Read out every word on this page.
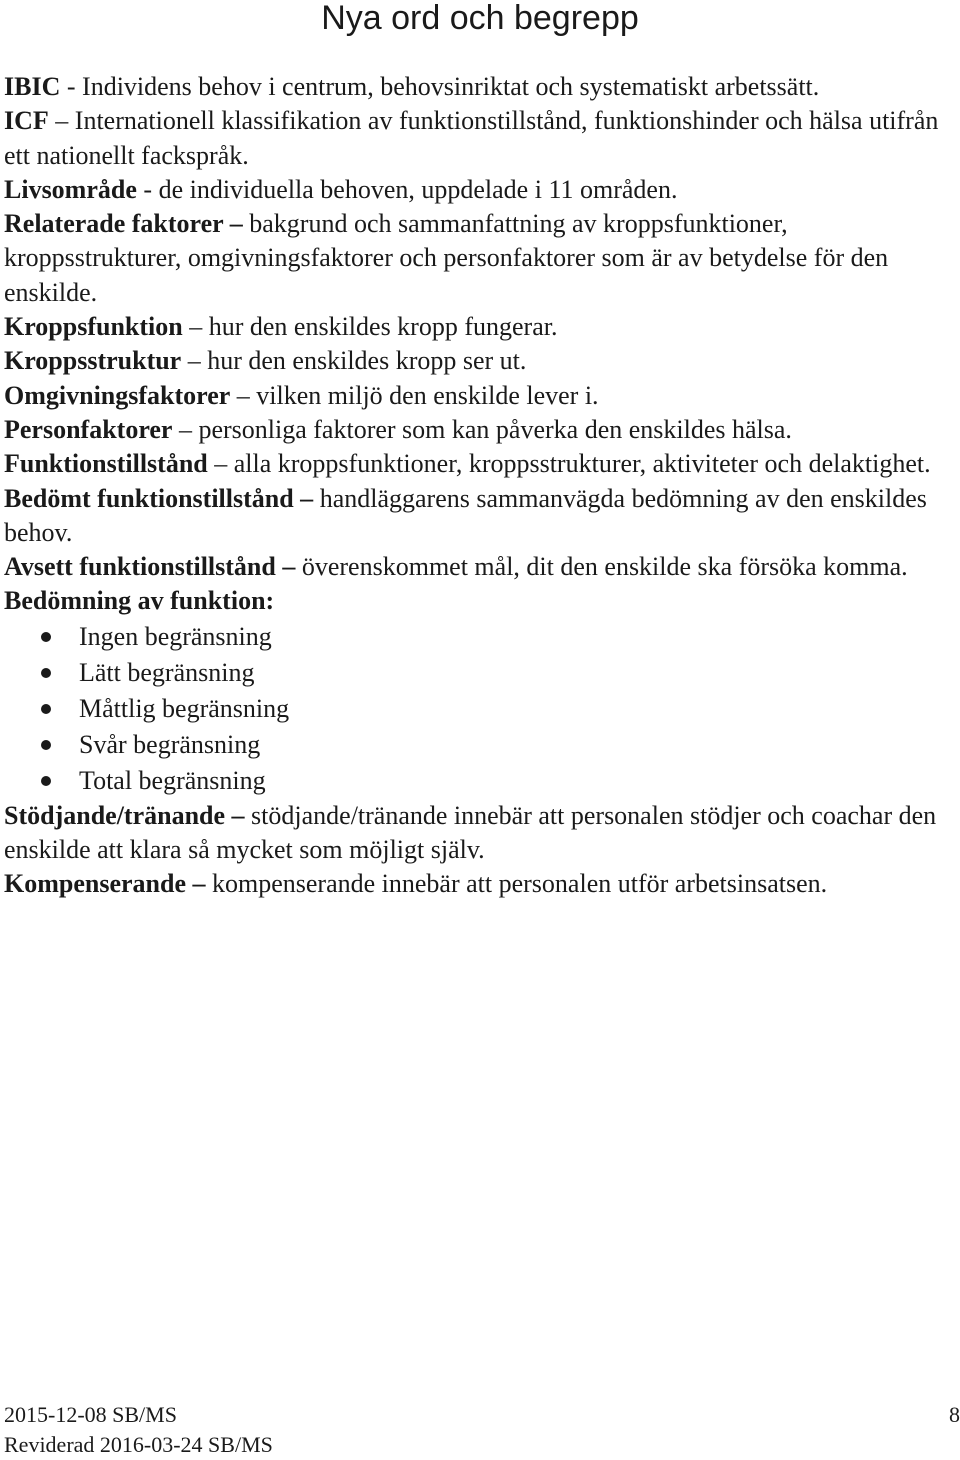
Nya ord och begrepp

IBIC - Individens behov i centrum, behovsinriktat och systematiskt arbetssätt.

ICF – Internationell klassifikation av funktionstillstånd, funktionshinder och hälsa utifrån ett nationellt fackspråk.

Livsområde - de individuella behoven, uppdelade i 11 områden.

Relaterade faktorer – bakgrund och sammanfattning av kroppsfunktioner, kroppsstrukturer, omgivningsfaktorer och personfaktorer som är av betydelse för den enskilde.

Kroppsfunktion – hur den enskildes kropp fungerar.

Kroppsstruktur – hur den enskildes kropp ser ut.

Omgivningsfaktorer – vilken miljö den enskilde lever i.

Personfaktorer – personliga faktorer som kan påverka den enskildes hälsa.

Funktionstillstånd – alla kroppsfunktioner, kroppsstrukturer, aktiviteter och delaktighet.

Bedömt funktionstillstånd – handläggarens sammanvägda bedömning av den enskildes behov.

Avsett funktionstillstånd – överenskommet mål, dit den enskilde ska försöka komma.

Bedömning av funktion:

Ingen begränsning
Lätt begränsning
Måttlig begränsning
Svår begränsning
Total begränsning

Stödjande/tränande – stödjande/tränande innebär att personalen stödjer och coachar den enskilde att klara så mycket som möjligt själv.

Kompenserande – kompenserande innebär att personalen utför arbetsinsatsen.

2015-12-08 SB/MS

Reviderad 2016-03-24 SB/MS

8
